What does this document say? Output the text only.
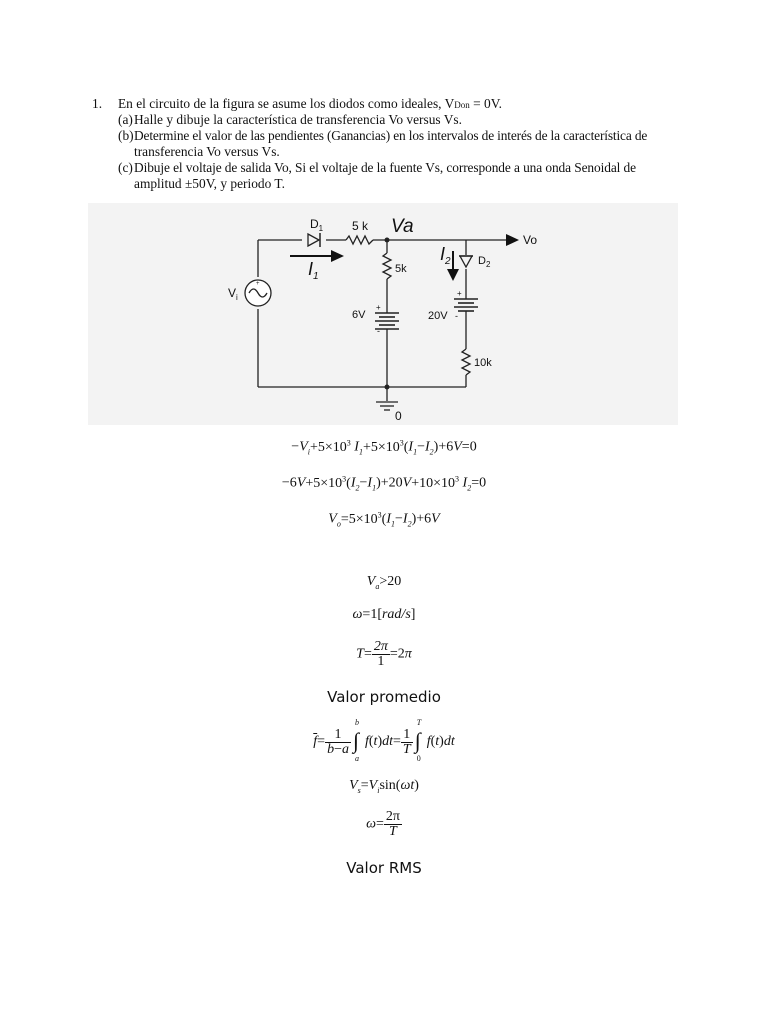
1. En el circuito de la figura se asume los diodos como ideales, VDon = 0V.
(a) Halle y dibuje la característica de transferencia Vo versus Vs.
(b) Determine el valor de las pendientes (Ganancias) en los intervalos de interés de la característica de
transferencia Vo versus Vs.
(c) Dibuje el voltaje de salida Vo, Si el voltaje de la fuente Vs, corresponde a una onda Senoidal de
amplitud ±50V, y periodo T.
+
$D_1$ 5 k Va
Vo
$I_1$
5k
$I_2$ $D_2$
$V_i$
6V
+
-
20V
+
-
10k
0
$-V_i+5\times 10^3$ $I_1+5\times 10^3(I_1-I_2)+6V=0$
$-6V+5\times 10^3(I_2-I_1)+20V+10\times 10^3$ $I_2=0$
$V_o=5\times 10^3(I_1-I_2)+6V$
$V_a>20$
ω=1[rad/s]
$T= \frac{2\pi}{1} =2\pi$
Valor promedio
$\overline{f}= \frac{1}{b-a}$
b
∫
a
$f(t)dt= \frac{1}{T}$
T
∫
0
f(t)dt
$V_s=V_i\sin(\omega t)$
$\omega= \frac{2\pi}{T}$
Valor RMS
